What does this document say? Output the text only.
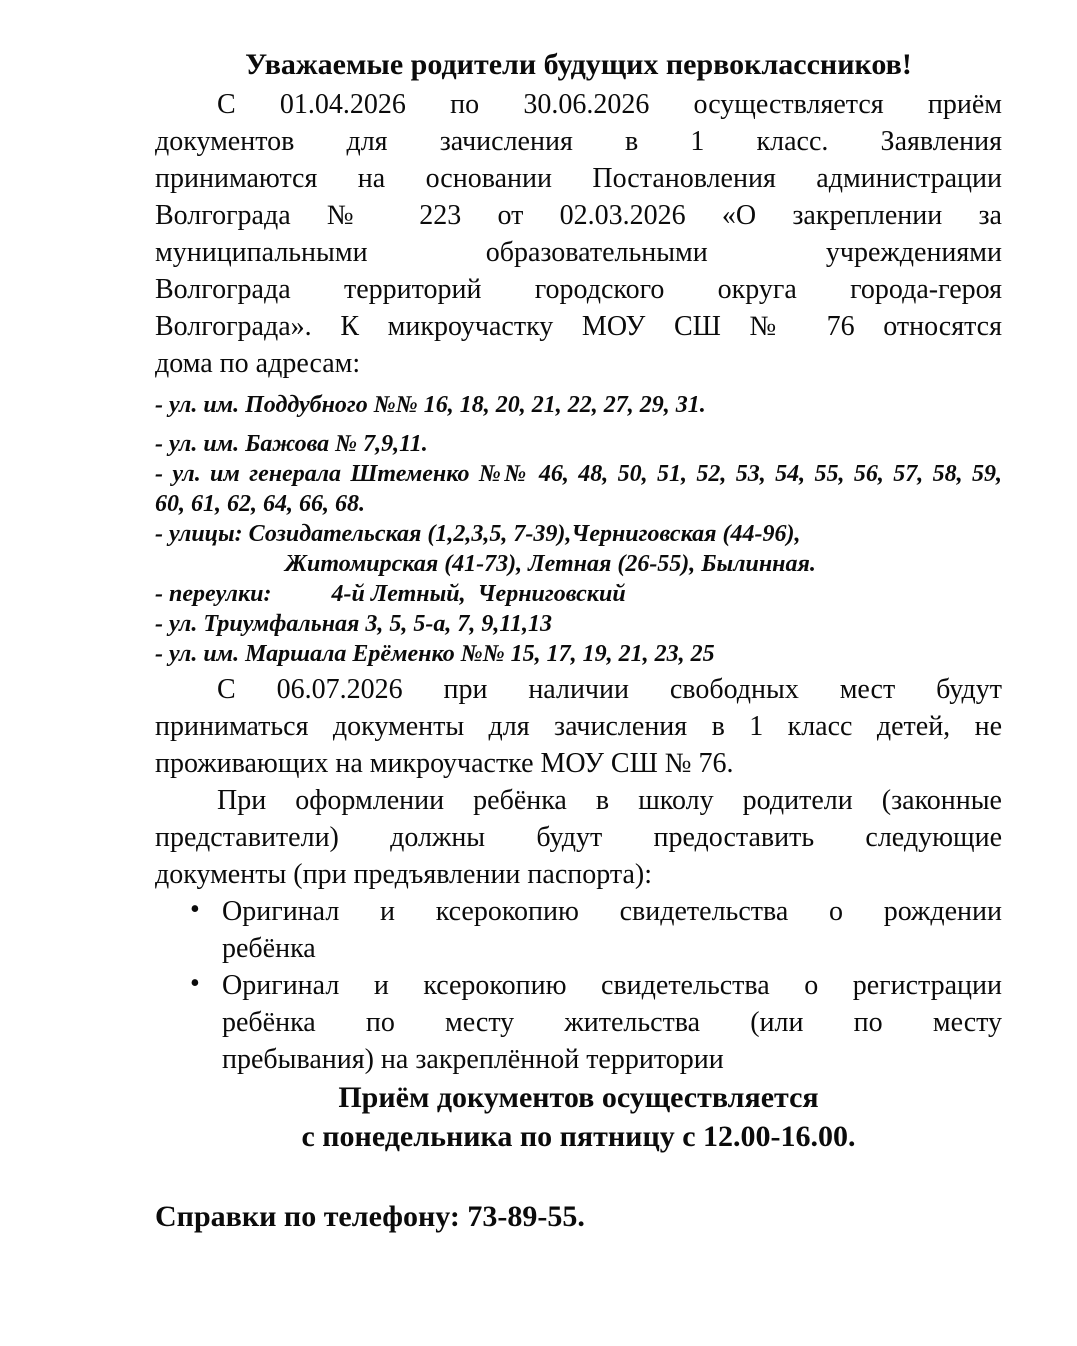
Уважаемые родители будущих первоклассников!
С 01.04.2026 по 30.06.2026 осуществляется приём
документов для зачисления в 1 класс. Заявления
принимаются на основании Постановления администрации
Волгограда № 223 от 02.03.2026 «О закреплении за
муниципальными образовательными учреждениями
Волгограда территорий городского округа города-героя
Волгограда». К микроучастку МОУ СШ № 76 относятся
дома по адресам:
- ул. им. Поддубного №№ 16, 18, 20, 21, 22, 27, 29, 31.
- ул. им. Бажова № 7,9,11.
- ул. им генерала Штеменко №№ 46, 48, 50, 51, 52, 53, 54, 55, 56, 57, 58, 59,
60, 61, 62, 64, 66, 68.
- улицы: Созидательская (1,2,3,5, 7-39),Черниговская (44-96),
Житомирская (41-73), Летная (26-55), Былинная.
- переулки:          4-й Летный,  Черниговский
- ул. Триумфальная 3, 5, 5-а, 7, 9,11,13
- ул. им. Маршала Ерёменко №№ 15, 17, 19, 21, 23, 25
С 06.07.2026 при наличии свободных мест будут
приниматься документы для зачисления в 1 класс детей, не
проживающих на микроучастке МОУ СШ № 76.
При оформлении ребёнка в школу родители (законные
представители) должны будут предоставить следующие
документы (при предъявлении паспорта):
• Оригинал и ксерокопию свидетельства о рождении
ребёнка
• Оригинал и ксерокопию свидетельства о регистрации
ребёнка по месту жительства (или по месту
пребывания) на закреплённой территории
Приём документов осуществляется
с понедельника по пятницу с 12.00-16.00.
Справки по телефону: 73-89-55.
